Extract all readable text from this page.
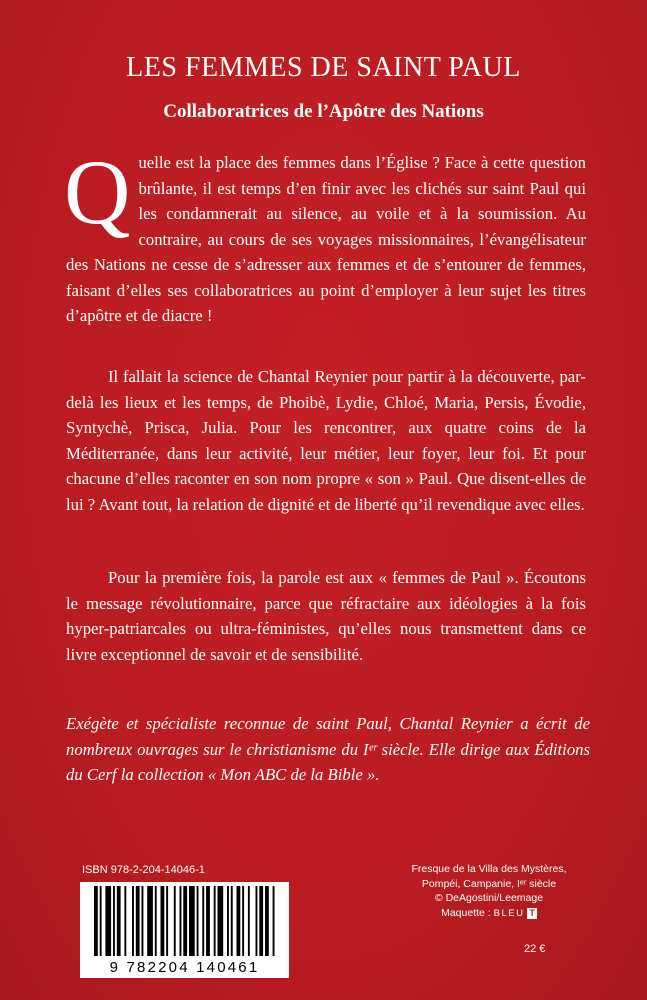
LES FEMMES DE SAINT PAUL
Collaboratrices de l’Apôtre des Nations

Quelle est la place des femmes dans l’Église ? Face à cette question brûlante, il est temps d’en finir avec les clichés sur saint Paul qui les condamnerait au silence, au voile et à la soumission. Au contraire, au cours de ses voyages missionnaires, l’évangélisateur des Nations ne cesse de s’adresser aux femmes et de s’entourer de femmes, faisant d’elles ses collaboratrices au point d’employer à leur sujet les titres d’apôtre et de diacre !

Il fallait la science de Chantal Reynier pour partir à la découverte, par-delà les lieux et les temps, de Phoibè, Lydie, Chloé, Maria, Persis, Évodie, Syntychè, Prisca, Julia. Pour les rencontrer, aux quatre coins de la Méditerranée, dans leur activité, leur métier, leur foyer, leur foi. Et pour chacune d’elles raconter en son nom propre « son » Paul. Que disent-elles de lui ? Avant tout, la relation de dignité et de liberté qu’il revendique avec elles.

Pour la première fois, la parole est aux « femmes de Paul ». Écoutons le message révolutionnaire, parce que réfractaire aux idéologies à la fois hyper-patriarcales ou ultra-féministes, qu’elles nous transmettent dans ce livre exceptionnel de savoir et de sensibilité.

Exégète et spécialiste reconnue de saint Paul, Chantal Reynier a écrit de nombreux ouvrages sur le christianisme du Iᵉʳ siècle. Elle dirige aux Éditions du Cerf la collection « Mon ABC de la Bible ».

ISBN 978-2-204-14046-1
9 782204 140461
Fresque de la Villa des Mystères,
Pompéi, Campanie, Iᵉʳ siècle
© DeAgostini/Leemage
Maquette : BLEU T
22 €
